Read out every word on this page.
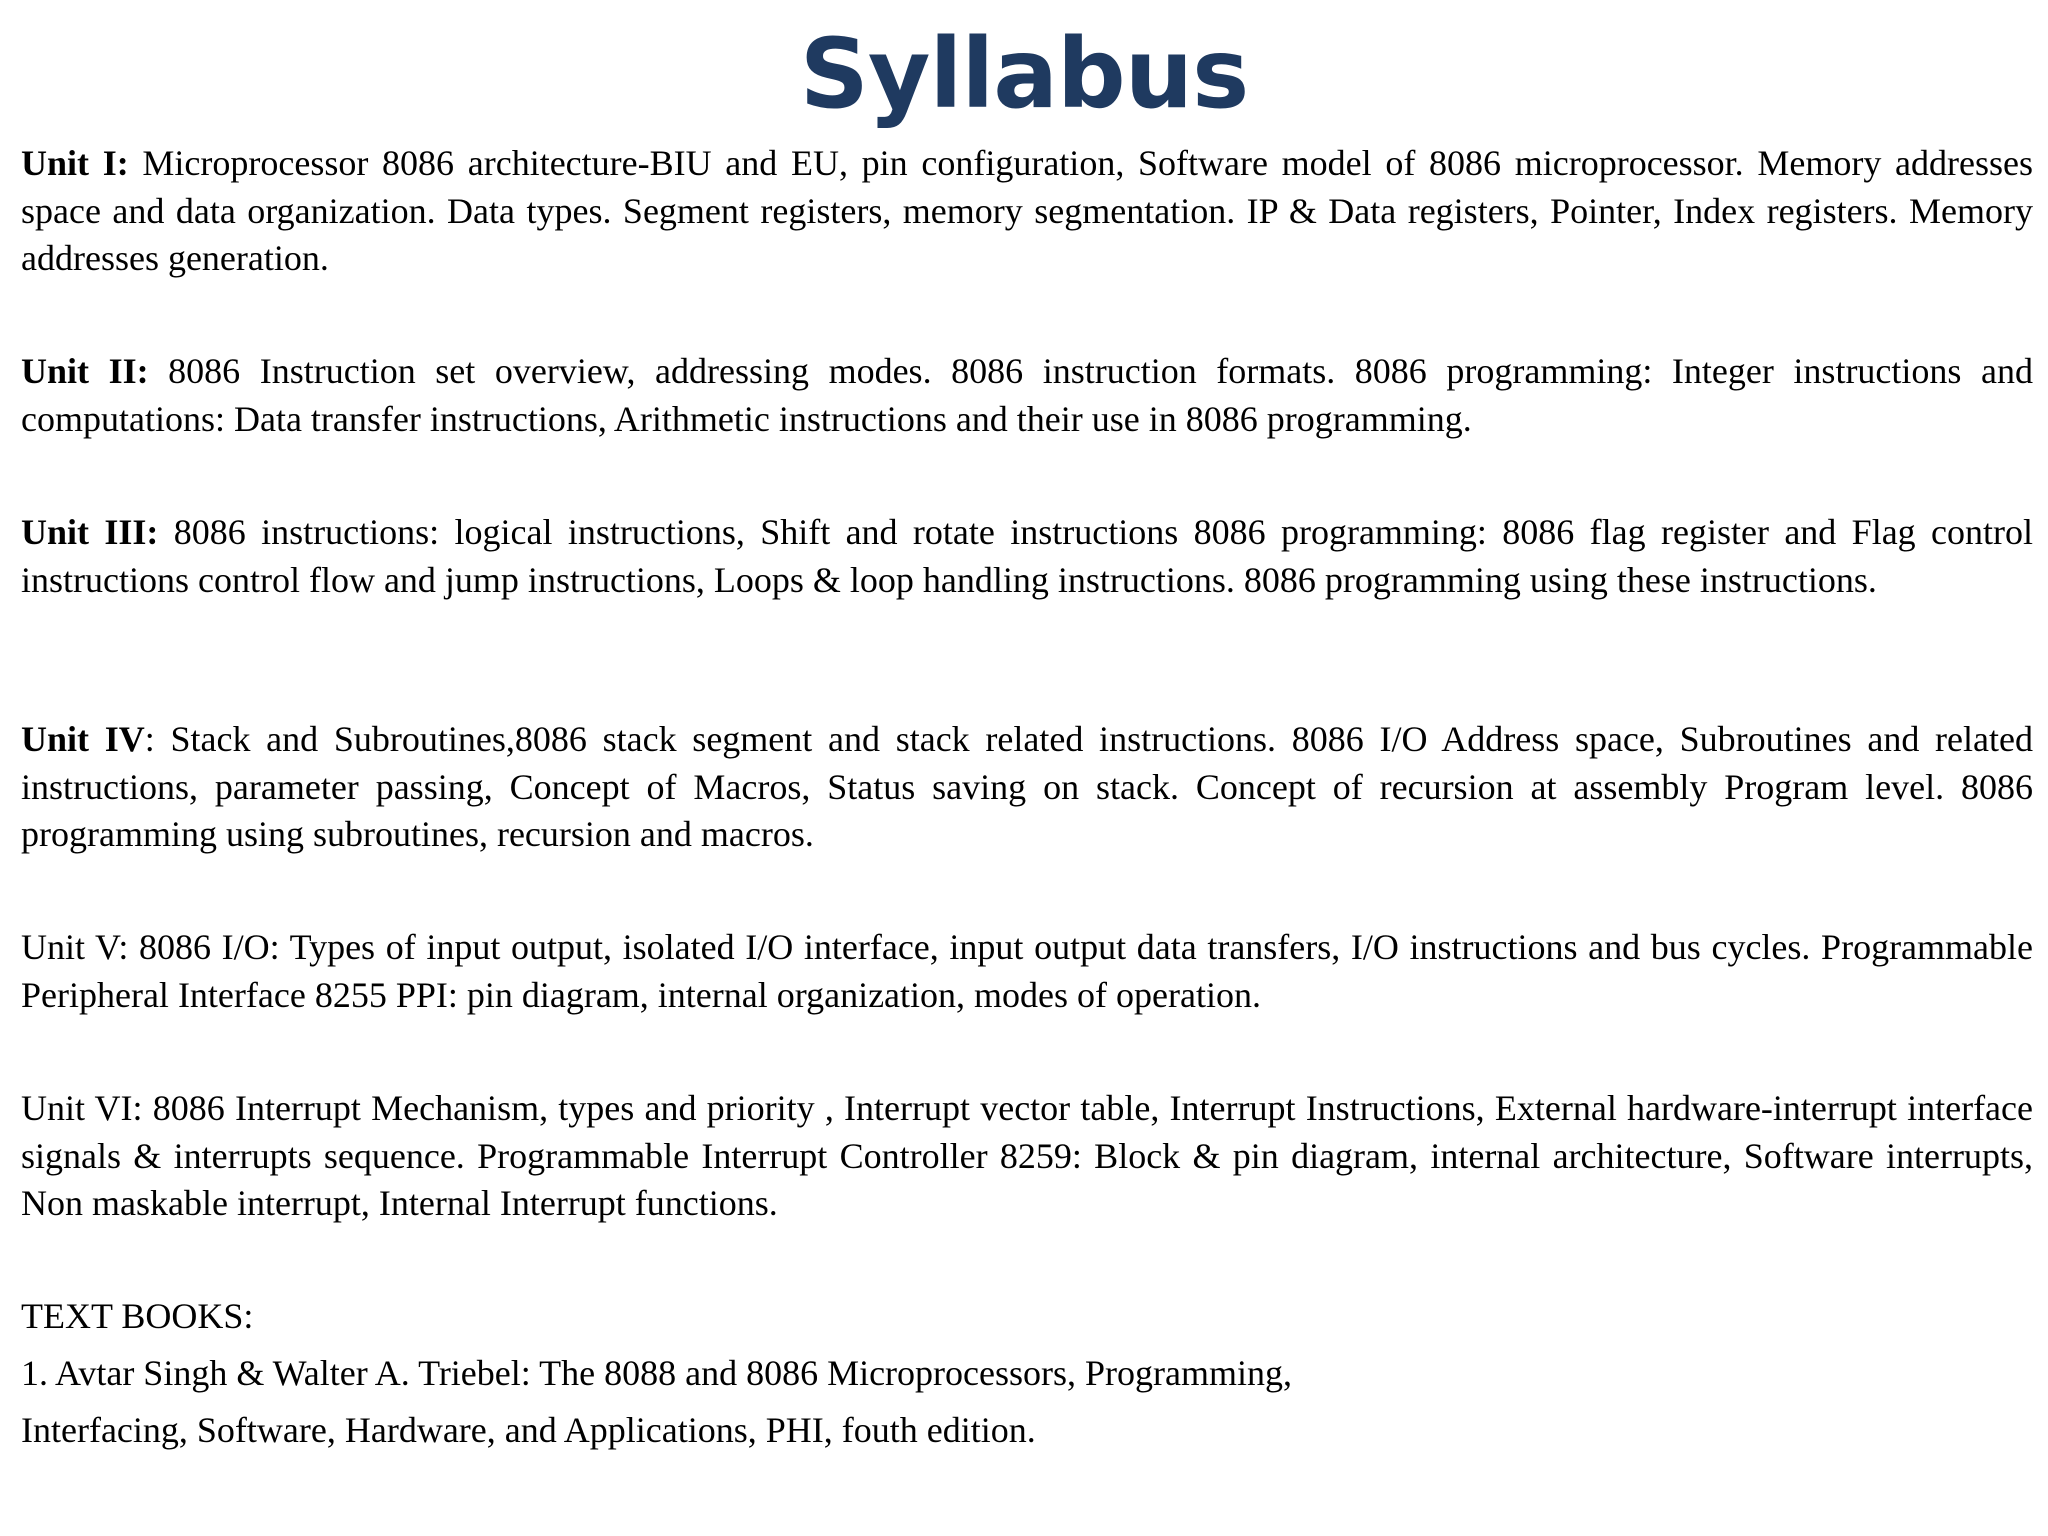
Syllabus

Unit I: Microprocessor 8086 architecture-BIU and EU, pin configuration, Software model of 8086 microprocessor. Memory addresses space and data organization. Data types. Segment registers, memory segmentation. IP & Data registers, Pointer, Index registers. Memory addresses generation.

Unit II: 8086 Instruction set overview, addressing modes. 8086 instruction formats. 8086 programming: Integer instructions and computations: Data transfer instructions, Arithmetic instructions and their use in 8086 programming.

Unit III: 8086 instructions: logical instructions, Shift and rotate instructions 8086 programming: 8086 flag register and Flag control instructions control flow and jump instructions, Loops & loop handling instructions. 8086 programming using these instructions.

Unit IV: Stack and Subroutines,8086 stack segment and stack related instructions. 8086 I/O Address space, Subroutines and related instructions, parameter passing, Concept of Macros, Status saving on stack. Concept of recursion at assembly Program level. 8086 programming using subroutines, recursion and macros.

Unit V: 8086 I/O: Types of input output, isolated I/O interface, input output data transfers, I/O instructions and bus cycles. Programmable Peripheral Interface 8255 PPI: pin diagram, internal organization, modes of operation.

Unit VI: 8086 Interrupt Mechanism, types and priority , Interrupt vector table, Interrupt Instructions, External hardware-interrupt interface signals & interrupts sequence. Programmable Interrupt Controller 8259: Block & pin diagram, internal architecture, Software interrupts, Non maskable interrupt, Internal Interrupt functions.

TEXT BOOKS:

1. Avtar Singh & Walter A. Triebel: The 8088 and 8086 Microprocessors, Programming,

Interfacing, Software, Hardware, and Applications, PHI, fouth edition.
